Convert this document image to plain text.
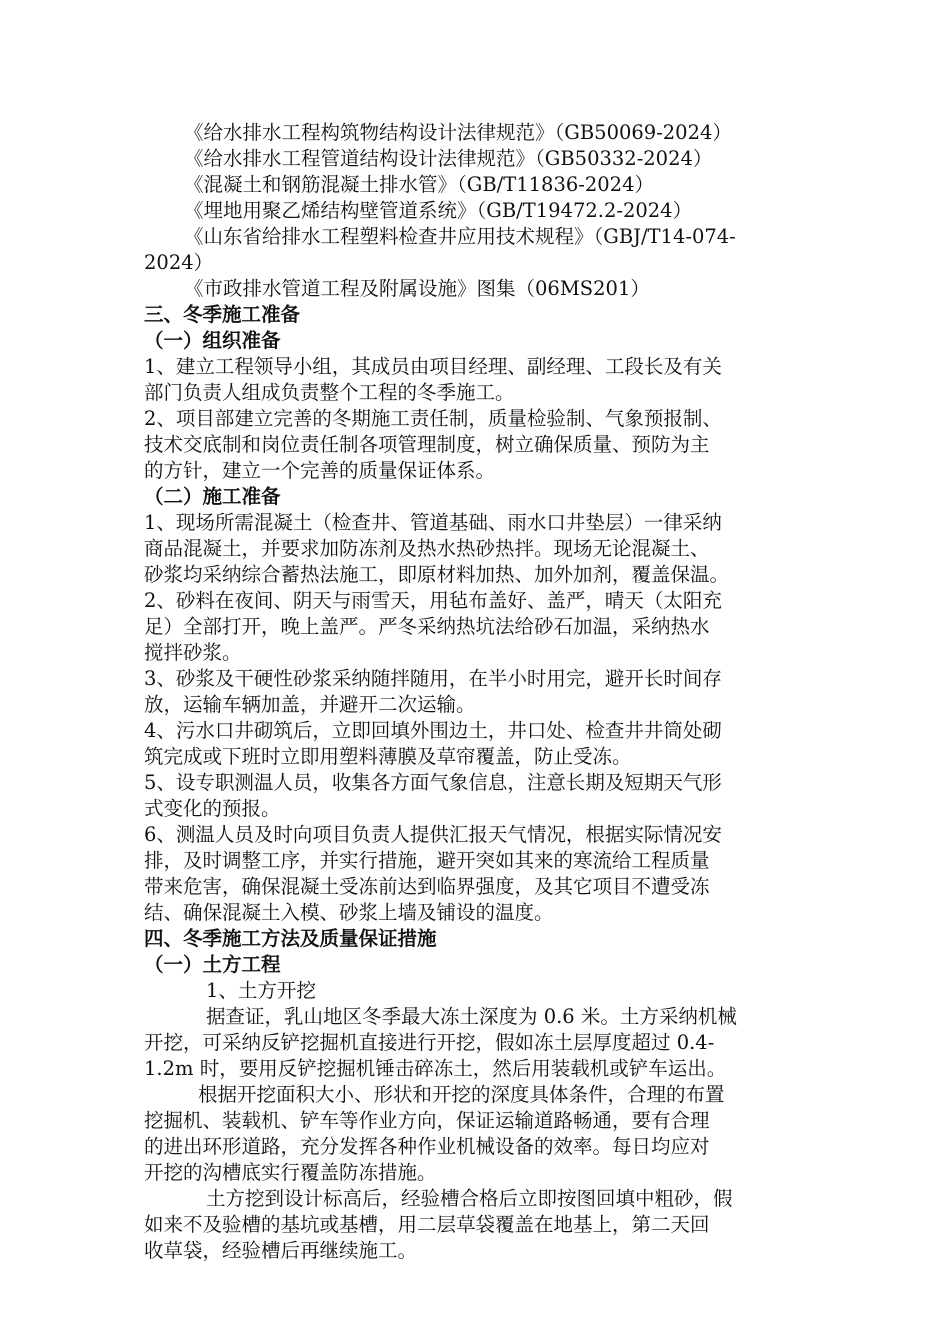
《给水排水工程构筑物结构设计法律规范》（GB50069-2024）
《给水排水工程管道结构设计法律规范》（GB50332-2024）
《混凝土和钢筋混凝土排水管》（GB/T11836-2024）
《埋地用聚乙烯结构壁管道系统》（GB/T19472.2-2024）
《山东省给排水工程塑料检查井应用技术规程》（GBJ/T14-074-
2024）
《市政排水管道工程及附属设施》图集（06MS201）
三、冬季施工准备
（一）组织准备
1、建立工程领导小组，其成员由项目经理、副经理、工段长及有关
部门负责人组成负责整个工程的冬季施工。
2、项目部建立完善的冬期施工责任制，质量检验制、气象预报制、
技术交底制和岗位责任制各项管理制度，树立确保质量、预防为主
的方针，建立一个完善的质量保证体系。
（二）施工准备
1、现场所需混凝土（检查井、管道基础、雨水口井垫层）一律采纳
商品混凝土，并要求加防冻剂及热水热砂热拌。现场无论混凝土、
砂浆均采纳综合蓄热法施工，即原材料加热、加外加剂，覆盖保温。
2、砂料在夜间、阴天与雨雪天，用毡布盖好、盖严，晴天（太阳充
足）全部打开，晚上盖严。严冬采纳热坑法给砂石加温，采纳热水
搅拌砂浆。
3、砂浆及干硬性砂浆采纳随拌随用，在半小时用完，避开长时间存
放，运输车辆加盖，并避开二次运输。
4、污水口井砌筑后，立即回填外围边土，井口处、检查井井筒处砌
筑完成或下班时立即用塑料薄膜及草帘覆盖，防止受冻。
5、设专职测温人员，收集各方面气象信息，注意长期及短期天气形
式变化的预报。
6、测温人员及时向项目负责人提供汇报天气情况，根据实际情况安
排，及时调整工序，并实行措施，避开突如其来的寒流给工程质量
带来危害，确保混凝土受冻前达到临界强度，及其它项目不遭受冻
结、确保混凝土入模、砂浆上墙及铺设的温度。
四、冬季施工方法及质量保证措施
（一）土方工程
1、土方开挖
据查证，乳山地区冬季最大冻土深度为 0.6 米。土方采纳机械
开挖，可采纳反铲挖掘机直接进行开挖，假如冻土层厚度超过 0.4-
1.2m 时，要用反铲挖掘机锤击碎冻土，然后用装载机或铲车运出。
根据开挖面积大小、形状和开挖的深度具体条件，合理的布置
挖掘机、装载机、铲车等作业方向，保证运输道路畅通，要有合理
的进出环形道路，充分发挥各种作业机械设备的效率。每日均应对
开挖的沟槽底实行覆盖防冻措施。
土方挖到设计标高后，经验槽合格后立即按图回填中粗砂，假
如来不及验槽的基坑或基槽，用二层草袋覆盖在地基上，第二天回
收草袋，经验槽后再继续施工。
